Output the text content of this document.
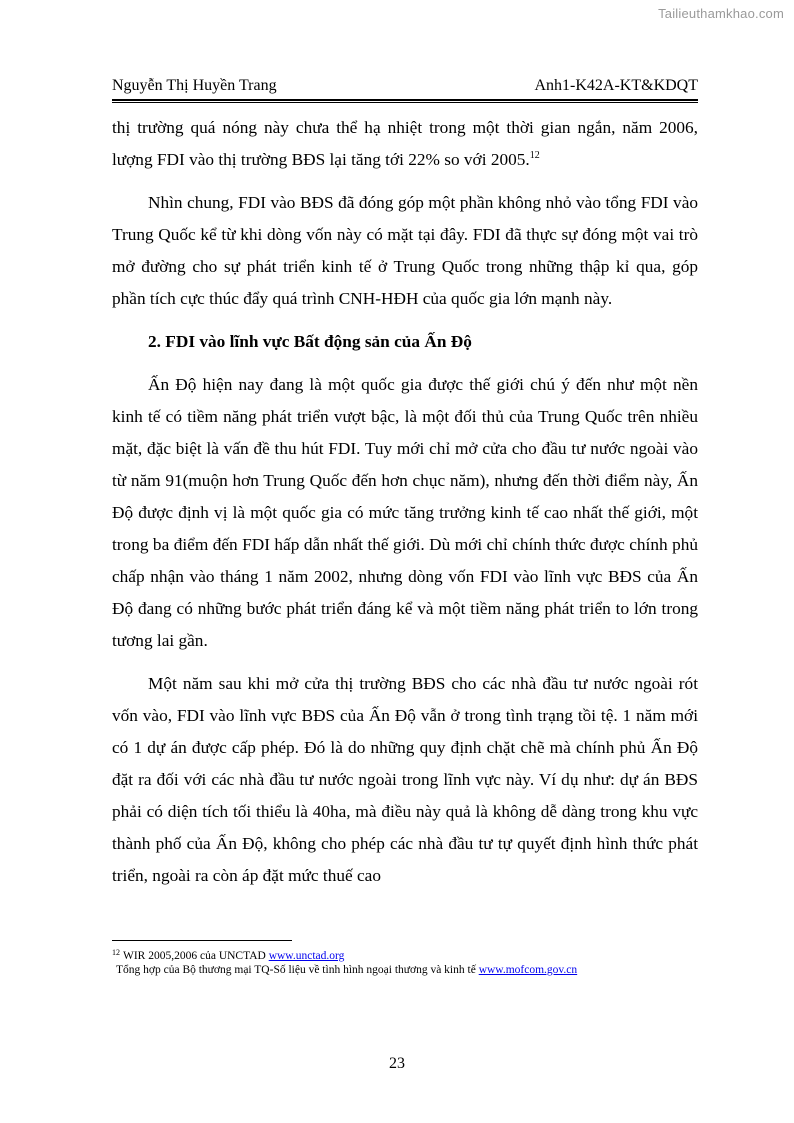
Tailieuthamkhao.com
Nguyễn Thị Huyền Trang	Anh1-K42A-KT&KDQT

thị trường quá nóng này chưa thể hạ nhiệt trong một thời gian ngắn, năm 2006, lượng FDI vào thị trường BĐS lại tăng tới 22% so với 2005.12

Nhìn chung, FDI vào BĐS đã đóng góp một phần không nhỏ vào tổng FDI vào Trung Quốc kể từ khi dòng vốn này có mặt tại đây. FDI đã thực sự đóng một vai trò mở đường cho sự phát triển kinh tế ở Trung Quốc trong những thập kỉ qua, góp phần tích cực thúc đẩy quá trình CNH-HĐH của quốc gia lớn mạnh này.

2. FDI vào lĩnh vực Bất động sản của Ấn Độ

Ấn Độ hiện nay đang là một quốc gia được thế giới chú ý đến như một nền kinh tế có tiềm năng phát triển vượt bậc, là một đối thủ của Trung Quốc trên nhiều mặt, đặc biệt là vấn đề thu hút FDI. Tuy mới chỉ mở cửa cho đầu tư nước ngoài vào từ năm 91(muộn hơn Trung Quốc đến hơn chục năm), nhưng đến thời điểm này, Ấn Độ được định vị là một quốc gia có mức tăng trưởng kinh tế cao nhất thế giới, một trong ba điểm đến FDI hấp dẫn nhất thế giới. Dù mới chỉ chính thức được chính phủ chấp nhận vào tháng 1 năm 2002, nhưng dòng vốn FDI vào lĩnh vực BĐS của Ấn Độ đang có những bước phát triển đáng kể và một tiềm năng phát triển to lớn trong tương lai gần.

Một năm sau khi mở cửa thị trường BĐS cho các nhà đầu tư nước ngoài rót vốn vào, FDI vào lĩnh vực BĐS của Ấn Độ vẫn ở trong tình trạng tồi tệ. 1 năm mới có 1 dự án được cấp phép. Đó là do những quy định chặt chẽ mà chính phủ Ấn Độ đặt ra đối với các nhà đầu tư nước ngoài trong lĩnh vực này. Ví dụ như: dự án BĐS phải có diện tích tối thiểu là 40ha, mà điều này quả là không dễ dàng trong khu vực thành phố của Ấn Độ, không cho phép các nhà đầu tư tự quyết định hình thức phát triển, ngoài ra còn áp đặt mức thuế cao

$^{12}$ WIR 2005,2006 của UNCTAD www.unctad.org
Tổng hợp của Bộ thương mại TQ-Số liệu về tình hình ngoại thương và kinh tế www.mofcom.gov.cn
23
